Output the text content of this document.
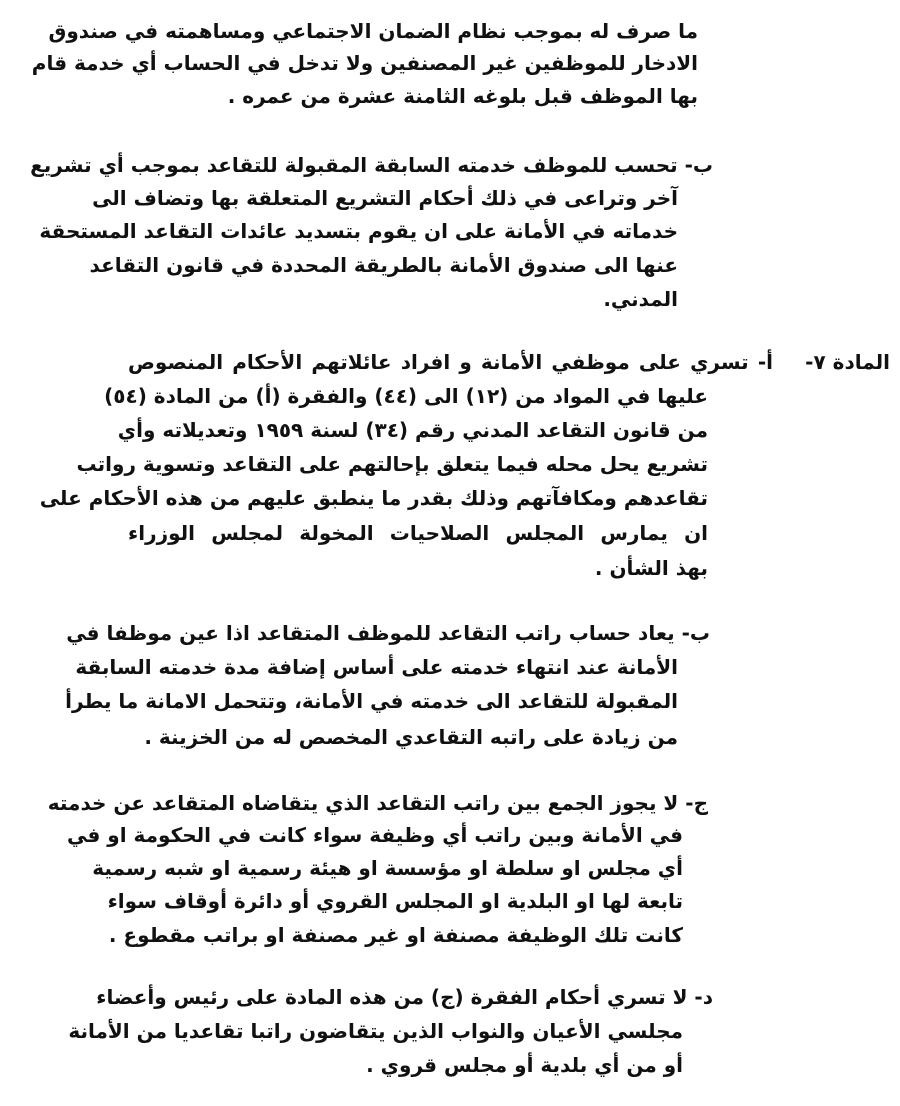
ما صرف له بموجب نظام الضمان الاجتماعي ومساهمته في صندوق
الادخار للموظفين غير المصنفين ولا تدخل في الحساب أي خدمة قام
بها الموظف قبل بلوغه الثامنة عشرة من عمره .
ب- تحسب للموظف خدمته السابقة المقبولة للتقاعد بموجب أي تشريع
آخر وتراعى في ذلك أحكام التشريع المتعلقة بها وتضاف الى
خدماته في الأمانة على ان يقوم بتسديد عائدات التقاعد المستحقة
عنها الى صندوق الأمانة بالطريقة المحددة في قانون التقاعد
المدني.
المادة ٧-
أ- تسري على موظفي الأمانة و افراد عائلاتهم الأحكام المنصوص
عليها في المواد من (١٢) الى (٤٤) والفقرة (أ) من المادة (٥٤)
من قانون التقاعد المدني رقم (٣٤) لسنة ١٩٥٩ وتعديلاته وأي
تشريع يحل محله فيما يتعلق بإحالتهم على التقاعد وتسوية رواتب
تقاعدهم ومكافآتهم وذلك بقدر ما ينطبق عليهم من هذه الأحكام على
ان يمارس المجلس الصلاحيات المخولة لمجلس الوزراء
بهذ الشأن .
ب- يعاد حساب راتب التقاعد للموظف المتقاعد اذا عين موظفا في
الأمانة عند انتهاء خدمته على أساس إضافة مدة خدمته السابقة
المقبولة للتقاعد الى خدمته في الأمانة، وتتحمل الامانة ما يطرأ
من زيادة على راتبه التقاعدي المخصص له من الخزينة .
ج- لا يجوز الجمع بين راتب التقاعد الذي يتقاضاه المتقاعد عن خدمته
في الأمانة وبين راتب أي وظيفة سواء كانت في الحكومة او في
أي مجلس او سلطة او مؤسسة او هيئة رسمية او شبه رسمية
تابعة لها او البلدية او المجلس القروي أو دائرة أوقاف سواء
كانت تلك الوظيفة مصنفة او غير مصنفة او براتب مقطوع .
د- لا تسري أحكام الفقرة (ج) من هذه المادة على رئيس وأعضاء
مجلسي الأعيان والنواب الذين يتقاضون راتبا تقاعديا من الأمانة
أو من أي بلدية أو مجلس قروي .
